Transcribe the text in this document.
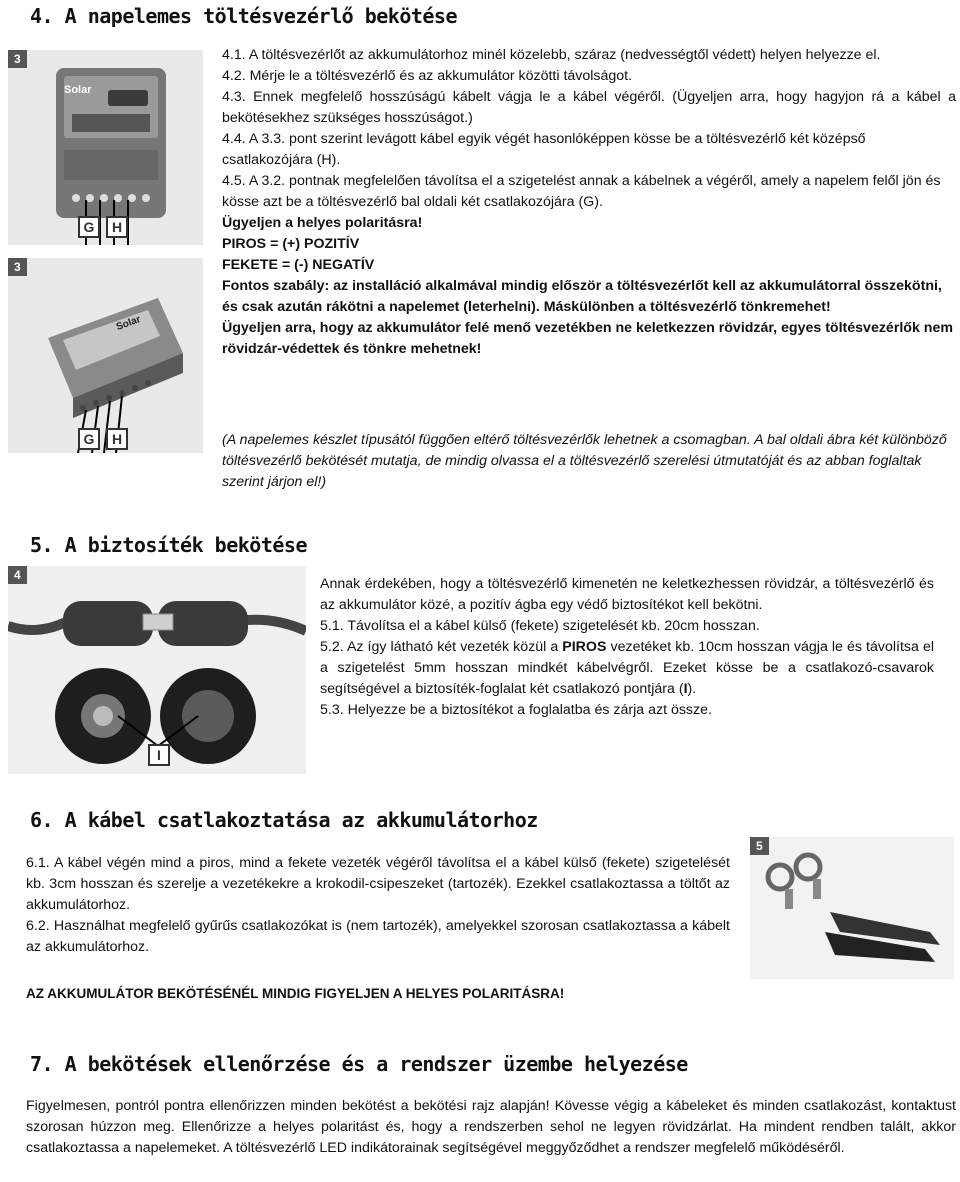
4. A napelemes töltésvezérlő bekötése
3
Solar
G	H
3
Solar
G	H

4.1. A töltésvezérlőt az akkumulátorhoz minél közelebb, száraz (nedvességtől védett) helyen helyezze el.

4.2. Mérje le a töltésvezérlő és az akkumulátor közötti távolságot.

4.3. Ennek megfelelő hosszúságú kábelt vágja le a kábel végéről. (Ügyeljen arra, hogy hagyjon rá a kábel a bekötésekhez szükséges hosszúságot.)

4.4. A 3.3. pont szerint levágott kábel egyik végét hasonlóképpen kösse be a töltésvezérlő két középső csatlakozójára (H).

4.5. A 3.2. pontnak megfelelően távolítsa el a szigetelést annak a kábelnek a végéről, amely a napelem felől jön és kösse azt be a töltésvezérlő bal oldali két csatlakozójára (G).

Ügyeljen a helyes polaritásra!

PIROS = (+) POZITÍV

FEKETE = (-) NEGATÍV

Fontos szabály: az installáció alkalmával mindig először a töltésvezérlőt kell az akkumulátorral összekötni, és csak azután rákötni a napelemet (leterhelni). Máskülönben a töltésvezérlő tönkremehet!

Ügyeljen arra, hogy az akkumulátor felé menő vezetékben ne keletkezzen rövidzár, egyes töltésvezérlők nem rövidzár-védettek és tönkre mehetnek!

(A napelemes készlet típusától függően eltérő töltésvezérlők lehetnek a csomagban. A bal oldali ábra két különböző töltésvezérlő bekötését mutatja, de mindig olvassa el a töltésvezérlő szerelési útmutatóját és az abban foglaltak szerint járjon el!)

5. A biztosíték bekötése
4
I

Annak érdekében, hogy a töltésvezérlő kimenetén ne keletkezhessen rövidzár, a töltésvezérlő és az akkumulátor közé, a pozitív ágba egy védő biztosítékot kell bekötni.

5.1. Távolítsa el a kábel külső (fekete) szigetelését kb. 20cm hosszan.

5.2. Az így látható két vezeték közül a PIROS vezetéket kb. 10cm hosszan vágja le és távolítsa el a szigetelést 5mm hosszan mindkét kábelvégről. Ezeket kösse be a csatlakozó-csavarok segítségével a biztosíték-foglalat két csatlakozó pontjára (I).

5.3. Helyezze be a biztosítékot a foglalatba és zárja azt össze.

6. A kábel csatlakoztatása az akkumulátorhoz
5

6.1. A kábel végén mind a piros, mind a fekete vezeték végéről távolítsa el a kábel külső (fekete) szigetelését kb. 3cm hosszan és szerelje a vezetékekre a krokodil-csipeszeket (tartozék). Ezekkel csatlakoztassa a töltőt az akkumulátorhoz.

6.2. Használhat megfelelő gyűrűs csatlakozókat is (nem tartozék), amelyekkel szorosan csatlakoztassa a kábelt az akkumulátorhoz.

AZ AKKUMULÁTOR BEKÖTÉSÉNÉL MINDIG FIGYELJEN A HELYES POLARITÁSRA!
7. A bekötések ellenőrzése és a rendszer üzembe helyezése

Figyelmesen, pontról pontra ellenőrizzen minden bekötést a bekötési rajz alapján! Kövesse végig a kábeleket és minden csatlakozást, kontaktust szorosan húzzon meg. Ellenőrizze a helyes polaritást és, hogy a rendszerben sehol ne legyen rövidzárlat. Ha mindent rendben talált, akkor csatlakoztassa a napelemeket. A töltésvezérlő LED indikátorainak segítségével meggyőződhet a rendszer megfelelő működéséről.
